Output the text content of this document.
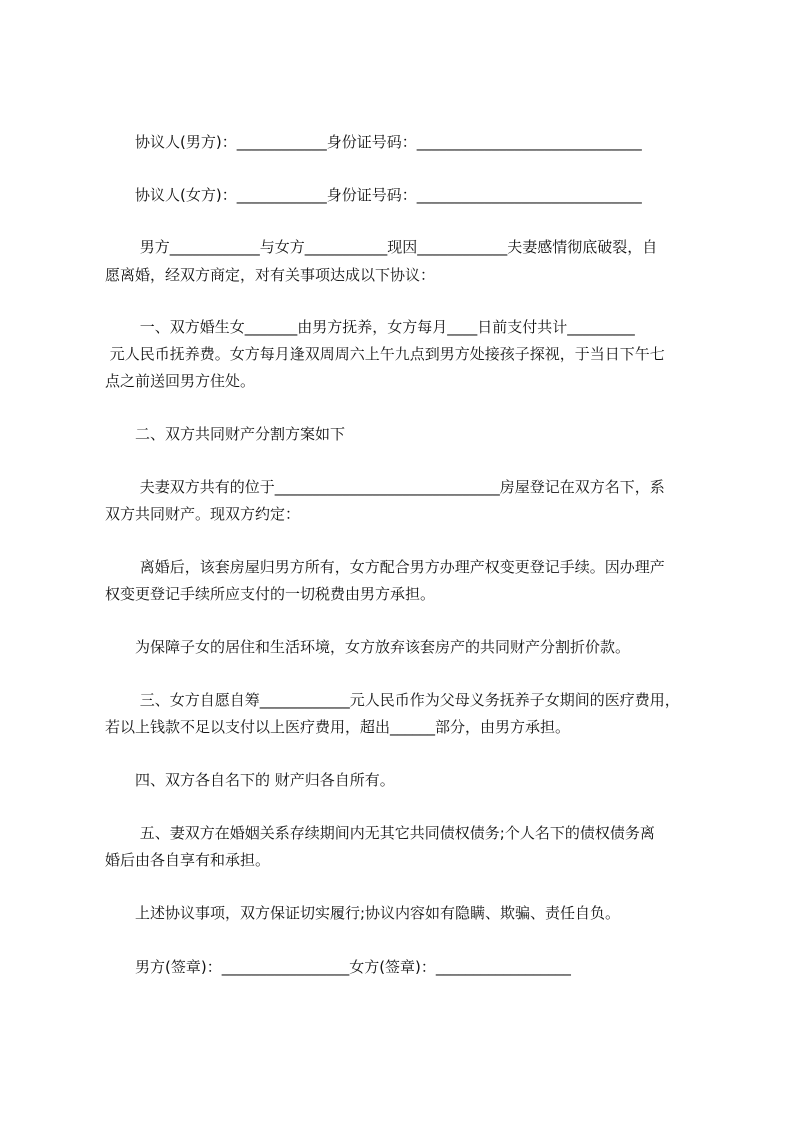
协议人(男方)：____________身份证号码：______________________________
协议人(女方)：____________身份证号码：______________________________
男方____________与女方___________现因____________夫妻感情彻底破裂，自
愿离婚，经双方商定，对有关事项达成以下协议：
一、双方婚生女_______由男方抚养，女方每月____日前支付共计_________
元人民币抚养费。女方每月逢双周周六上午九点到男方处接孩子探视，于当日下午七
点之前送回男方住处。
二、双方共同财产分割方案如下
夫妻双方共有的位于______________________________房屋登记在双方名下，系
双方共同财产。现双方约定：
离婚后，该套房屋归男方所有，女方配合男方办理产权变更登记手续。因办理产
权变更登记手续所应支付的一切税费由男方承担。
为保障子女的居住和生活环境，女方放弃该套房产的共同财产分割折价款。
三、女方自愿自筹____________元人民币作为父母义务抚养子女期间的医疗费用，
若以上钱款不足以支付以上医疗费用，超出______部分，由男方承担。
四、双方各自名下的 财产归各自所有。
五、妻双方在婚姻关系存续期间内无其它共同债权债务;个人名下的债权债务离
婚后由各自享有和承担。
上述协议事项，双方保证切实履行;协议内容如有隐瞒、欺骗、责任自负。
男方(签章)：_________________女方(签章)：__________________
